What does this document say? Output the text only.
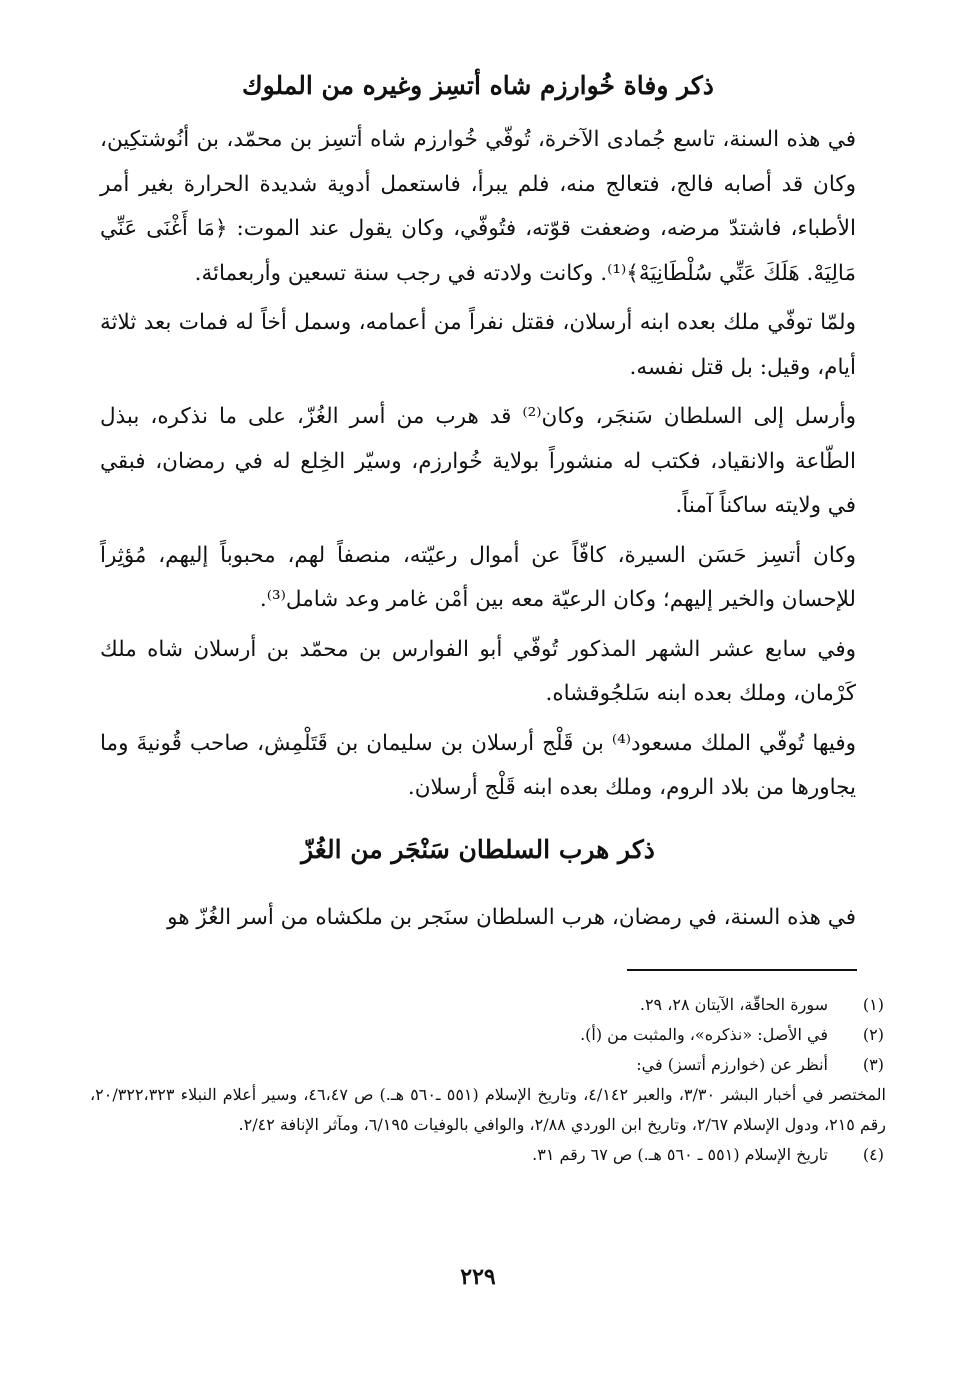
ذكر وفاة خُوارزم شاه أتسِز وغيره من الملوك

في هذه السنة، تاسع جُمادى الآخرة، تُوفّي خُوارزم شاه أتسِز بن محمّد، بن أنُوشتكِين، وكان قد أصابه فالج، فتعالج منه، فلم يبرأ، فاستعمل أدوية شديدة الحرارة بغير أمر الأطباء، فاشتدّ مرضه، وضعفت قوّته، فتُوفّي، وكان يقول عند الموت: ﴿مَا أَغْنَى عَنِّي مَالِيَهْ. هَلَكَ عَنِّي سُلْطَانِيَهْ﴾⁽¹⁾. وكانت ولادته في رجب سنة تسعين وأربعمائة.

ولمّا توفّي ملك بعده ابنه أرسلان، فقتل نفراً من أعمامه، وسمل أخاً له فمات بعد ثلاثة أيام، وقيل: بل قتل نفسه.

وأرسل إلى السلطان سَنجَر، وكان⁽²⁾ قد هرب من أسر الغُزّ، على ما نذكره، ببذل الطّاعة والانقياد، فكتب له منشوراً بولاية خُوارزم، وسيّر الخِلع له في رمضان، فبقي في ولايته ساكناً آمناً.

وكان أتسِز حَسَن السيرة، كافّاً عن أموال رعيّته، منصفاً لهم، محبوباً إليهم، مُؤثِراً للإحسان والخير إليهم؛ وكان الرعيّة معه بين أمْن غامر وعد شامل⁽³⁾.

وفي سابع عشر الشهر المذكور تُوفّي أبو الفوارس بن محمّد بن أرسلان شاه ملك كَرْمان، وملك بعده ابنه سَلجُوقشاه.

وفيها تُوفّي الملك مسعود⁽⁴⁾ بن قَلْج أرسلان بن سليمان بن قَتَلْمِش، صاحب قُونيةَ وما يجاورها من بلاد الروم، وملك بعده ابنه قَلْج أرسلان.

ذكر هرب السلطان سَنْجَر من الغُزّ

في هذه السنة، في رمضان، هرب السلطان سنَجر بن ملكشاه من أسر الغُزّ هو

(١)
سورة الحاقّة، الآيتان ٢٨، ٢٩.
(٢)
في الأصل: «نذكره»، والمثبت من (أ).
(٣)
أنظر عن (خوارزم أتسز) في:
المختصر في أخبار البشر ٣/٣٠، والعبر ٤/١٤٢، وتاريخ الإسلام (٥٥١ ـ٥٦٠ هـ.) ص ٤٦،٤٧، وسير أعلام النبلاء ٢٠/٣٢٢،٣٢٣، رقم ٢١٥، ودول الإسلام ٢/٦٧، وتاريخ ابن الوردي ٢/٨٨، والوافي بالوفيات ٦/١٩٥، ومآثر الإنافة ٢/٤٢.
(٤)
تاريخ الإسلام (٥٥١ ـ ٥٦٠ هـ.) ص ٦٧ رقم ٣١.
٢٢٩
